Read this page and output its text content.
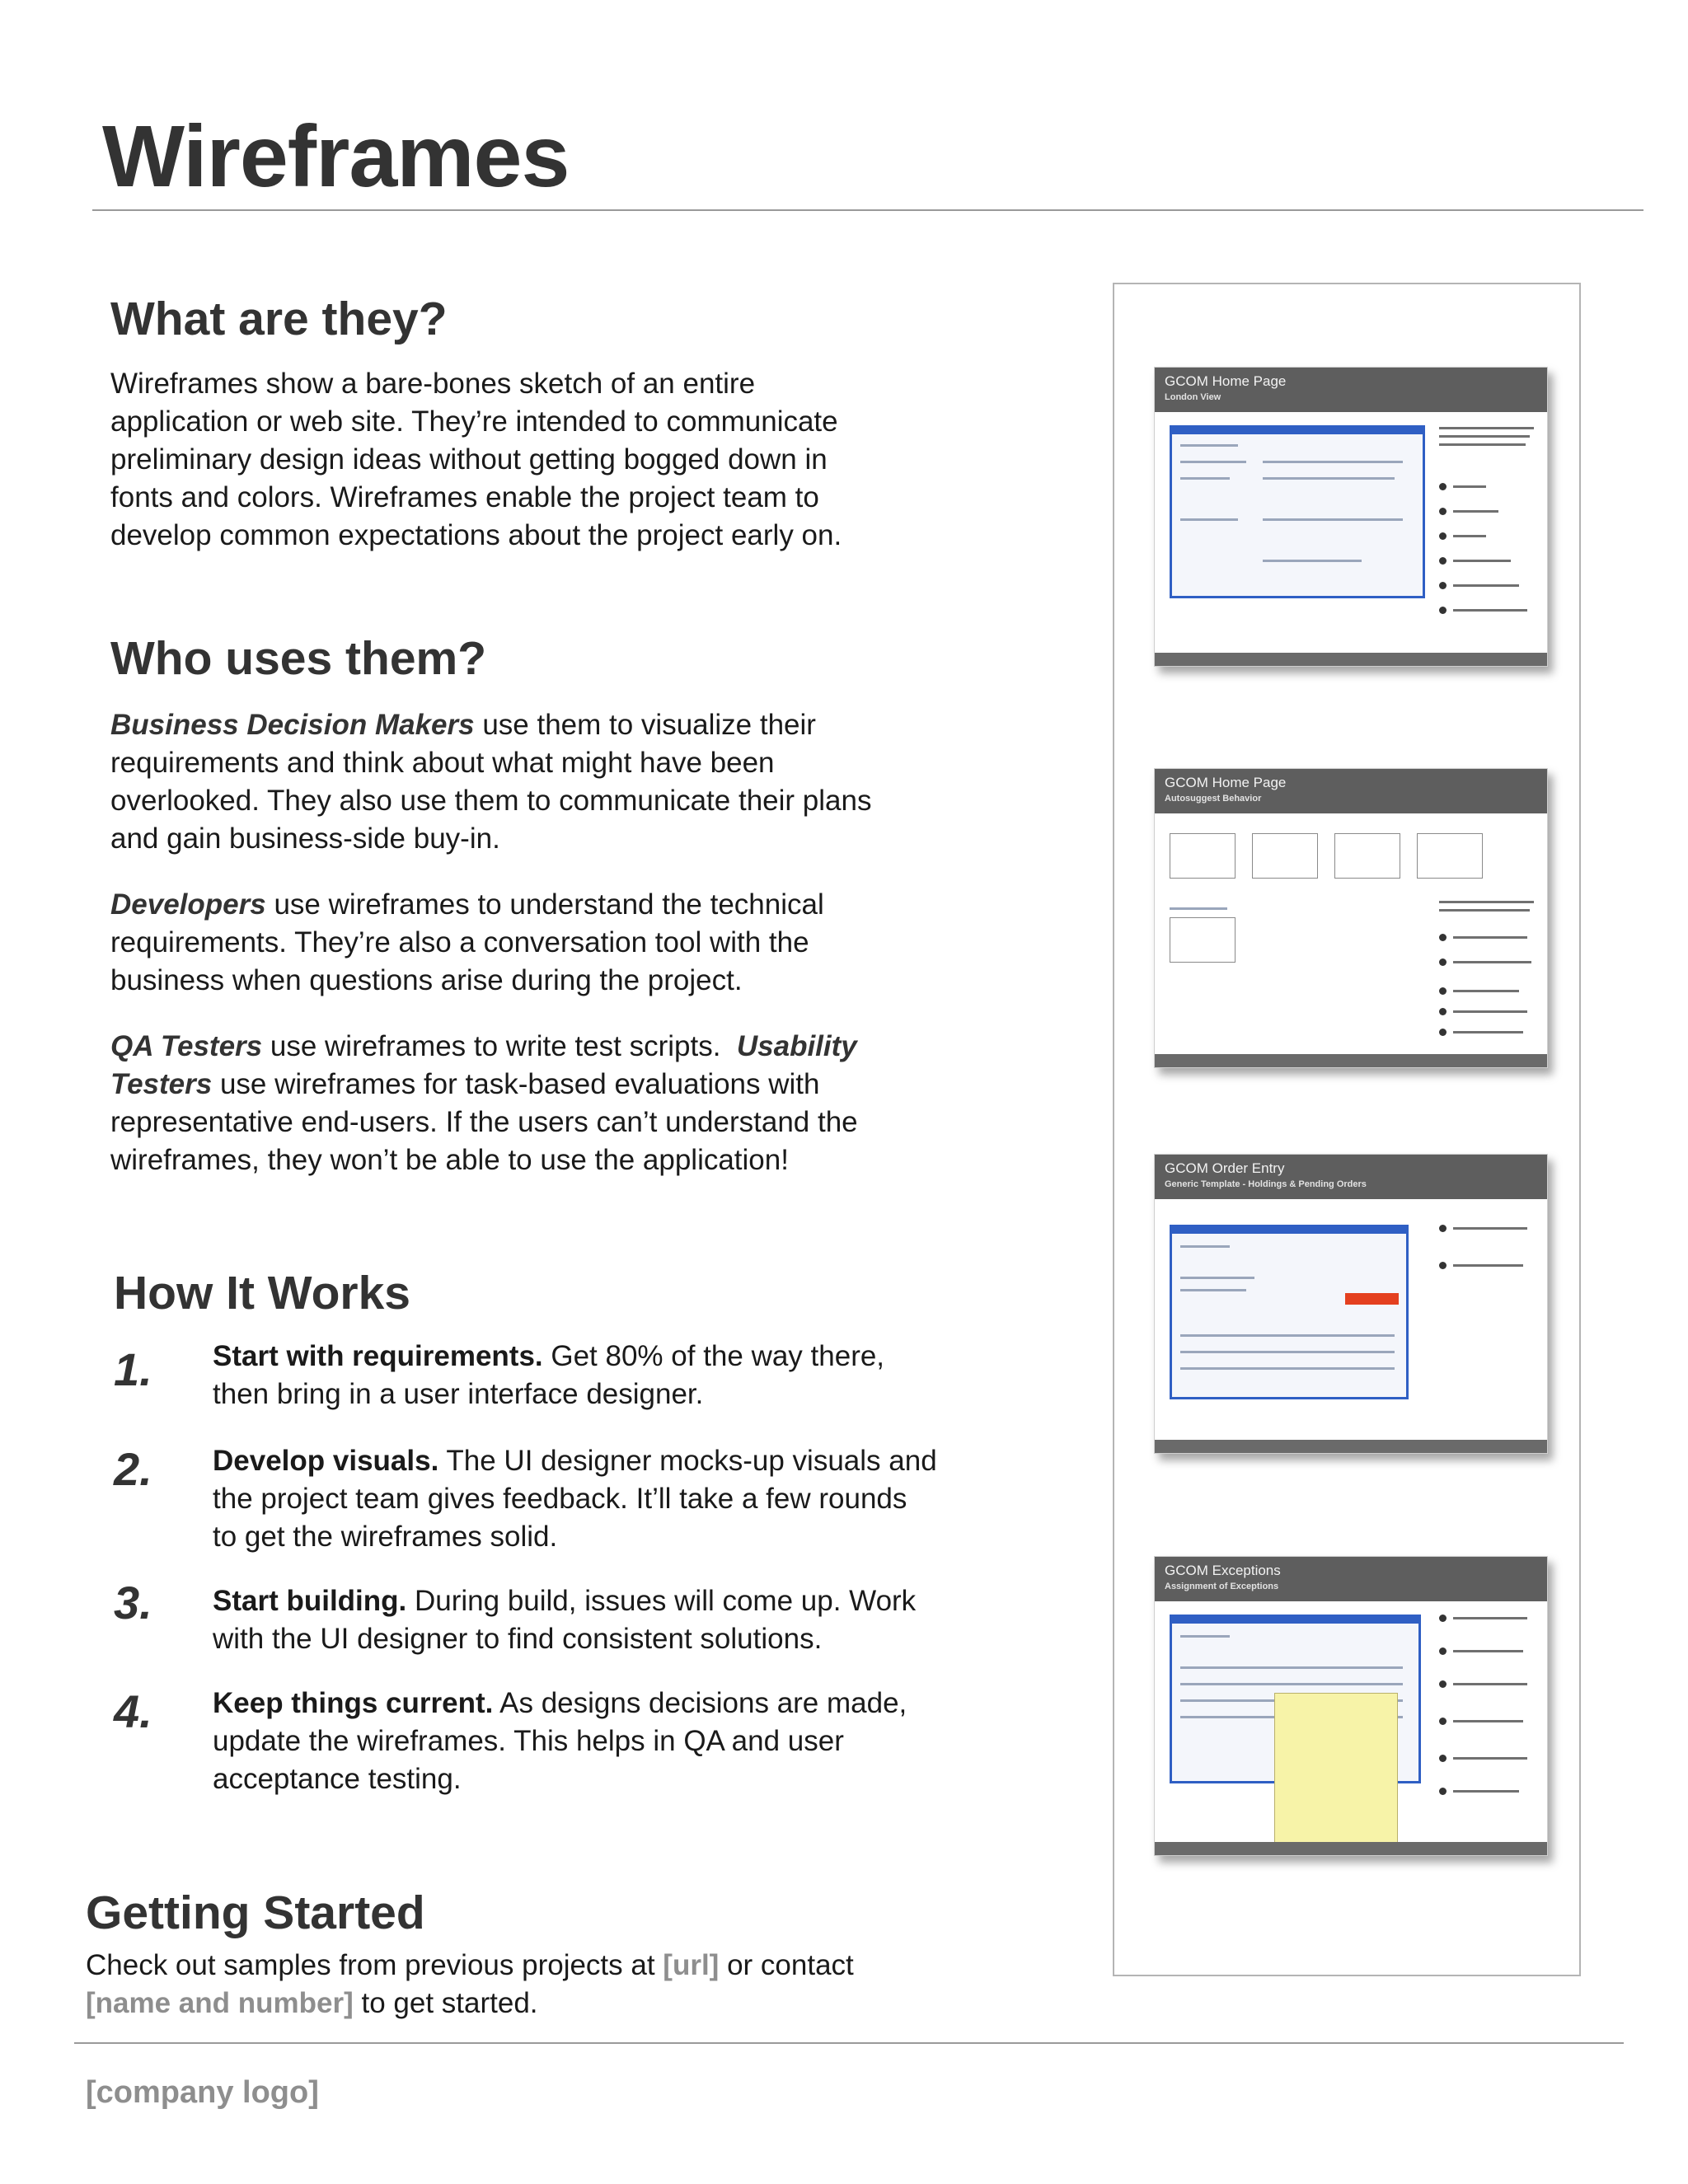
Wireframes
What are they?
Wireframes show a bare-bones sketch of an entire
application or web site. They’re intended to communicate
preliminary design ideas without getting bogged down in
fonts and colors. Wireframes enable the project team to
develop common expectations about the project early on.
Who uses them?
Business Decision Makers use them to visualize their
requirements and think about what might have been
overlooked. They also use them to communicate their plans
and gain business-side buy-in.
Developers use wireframes to understand the technical
requirements. They’re also a conversation tool with the
business when questions arise during the project.
QA Testers use wireframes to write test scripts.  Usability
Testers use wireframes for task-based evaluations with
representative end-users. If the users can’t understand the
wireframes, they won’t be able to use the application!
How It Works
1. Start with requirements. Get 80% of the way there,
then bring in a user interface designer.
2. Develop visuals. The UI designer mocks-up visuals and
the project team gives feedback. It’ll take a few rounds
to get the wireframes solid.
3. Start building. During build, issues will come up. Work
with the UI designer to find consistent solutions.
4. Keep things current. As designs decisions are made,
update the wireframes. This helps in QA and user
acceptance testing.
Getting Started
Check out samples from previous projects at [url] or contact
[name and number] to get started.
[company logo]
GCOM Home Page
London View
GCOM Home Page
Autosuggest Behavior
GCOM Order Entry
Generic Template - Holdings & Pending Orders
GCOM Exceptions
Assignment of Exceptions
